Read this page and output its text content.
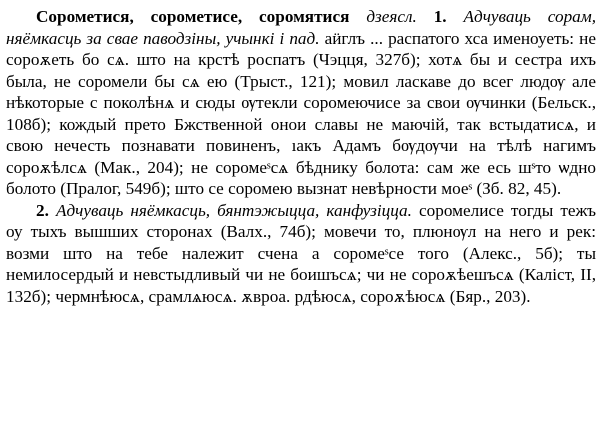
Сорометися, сорометисе, соромятися дзеясл. 1. Адчуваць сорам, няёмкасць за свае паводзіны, учынкі і пад. аӥглъ ... распатого хса именоуеть: не сороѫеть бо сѧ. што на крстѣ роспатъ (Чэцця, 327б); хотѧ бы и сестра ихъ была, не соромели бы сѧ ею (Трыст., 121); мовил ласкаве до всег людѹ але нѣкоторые с поколѣнѧ и сюды ѹтекли соромеючисе за свои ѹчинки (Бельск., 108б); кождый прето Бжственной онои славы не маючій, так встыдатисѧ, и свою нечесть познавати повиненъ, ıакъ Адамъ бѹдѹчи на тѣлѣ нагимъ сороѫѣлсѧ (Мак., 204); не соромеˢсѧ бѣднику болота: сам же есь шˢто ѡдно болото (Пралог, 549б); што се соромею вызнат невѣрности моеˢ (Зб. 82, 45).

2. Адчуваць няёмкасць, бянтэжыцца, канфузіцца. соромелисе тогды тежъ оу тыхъ вышших сторонах (Валх., 74б); мовечи то, плюнѹл на него и рек: возми што на тебе належит счена а соромеˢсе того (Алекс., 5б); ты немилосердый и невстыдливый чи не боишъсѧ; чи не сороѫѣешъсѧ (Каліст, II, 132б); чермнѣюсѧ, срамлѧюсѧ. ѫвроа. рдѣюсѧ, сороѫѣюсѧ (Бяр., 203).
